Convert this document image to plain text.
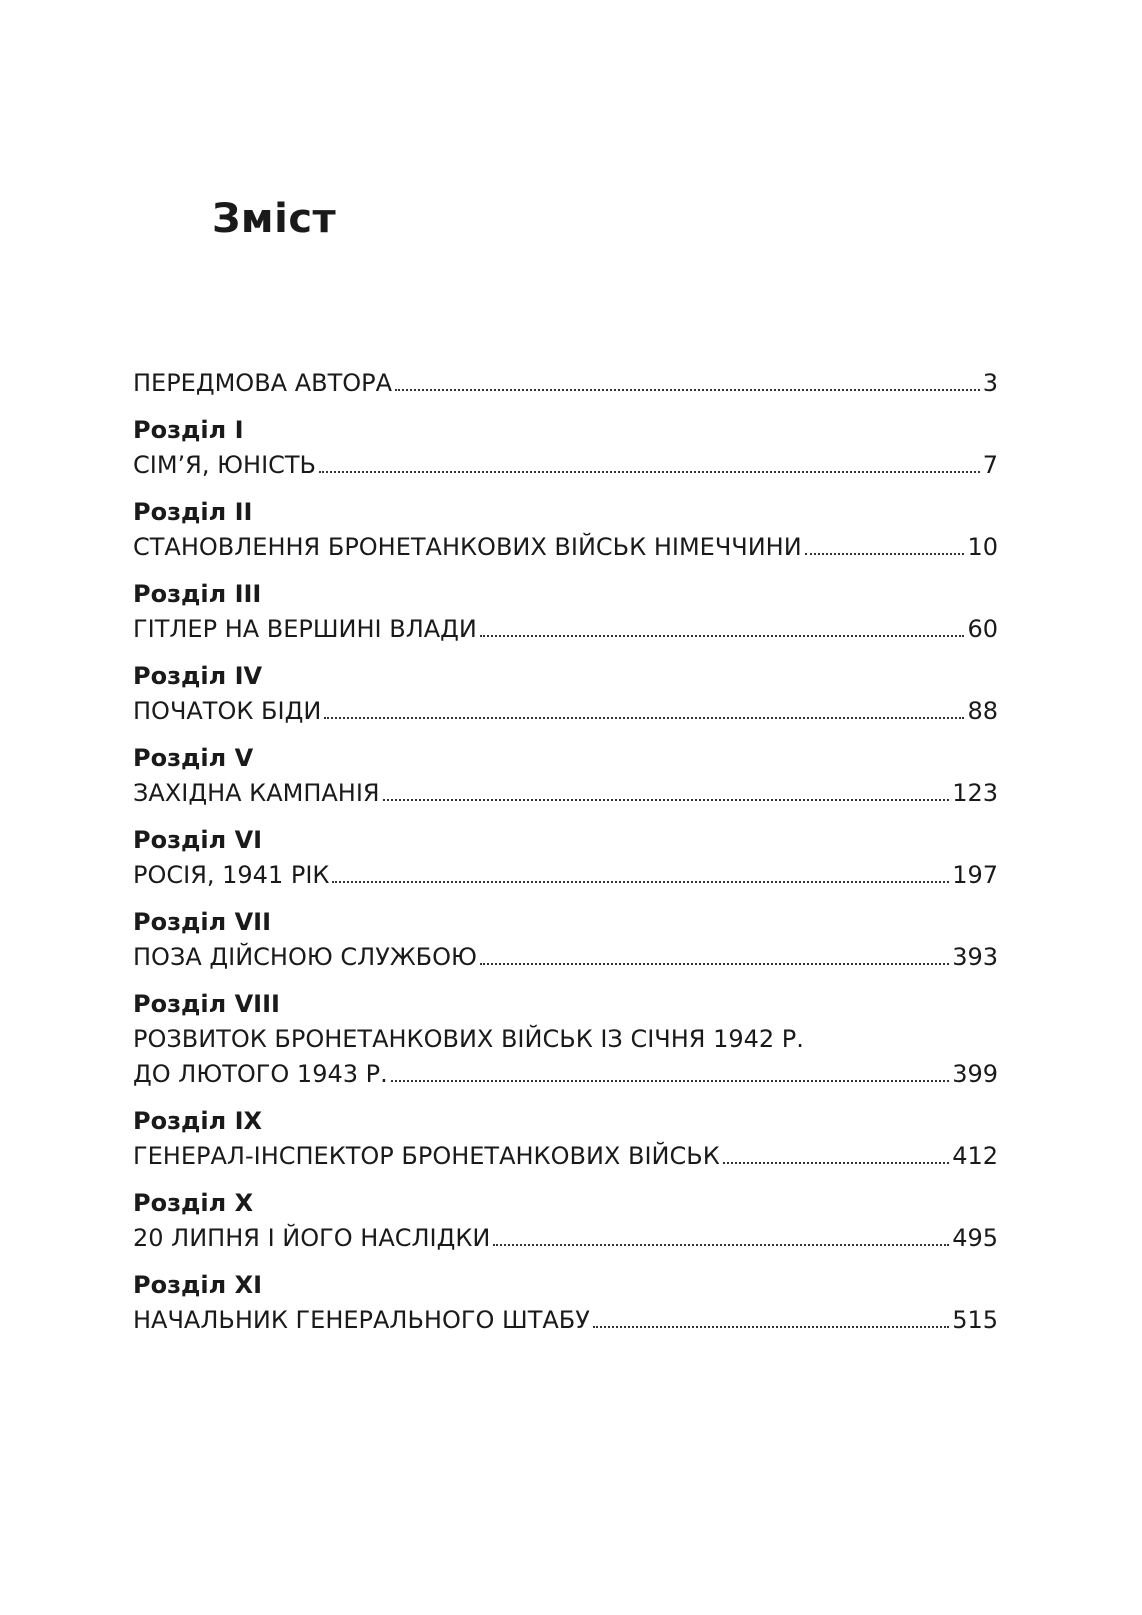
Зміст
ПЕРЕДМОВА АВТОРА	3
Розділ I
СІМ’Я, ЮНІСТЬ	7
Розділ II
СТАНОВЛЕННЯ БРОНЕТАНКОВИХ ВІЙСЬК НІМЕЧЧИНИ	10
Розділ III
ГІТЛЕР НА ВЕРШИНІ ВЛАДИ	60
Розділ IV
ПОЧАТОК БІДИ	88
Розділ V
ЗАХІДНА КАМПАНІЯ	123
Розділ VI
РОСІЯ, 1941 РІК	197
Розділ VII
ПОЗА ДІЙСНОЮ СЛУЖБОЮ	393
Розділ VIII
РОЗВИТОК БРОНЕТАНКОВИХ ВІЙСЬК ІЗ СІЧНЯ 1942 Р.
ДО ЛЮТОГО 1943 Р.	399
Розділ IX
ГЕНЕРАЛ-ІНСПЕКТОР БРОНЕТАНКОВИХ ВІЙСЬК	412
Розділ X
20 ЛИПНЯ І ЙОГО НАСЛІДКИ	495
Розділ XI
НАЧАЛЬНИК ГЕНЕРАЛЬНОГО ШТАБУ	515
